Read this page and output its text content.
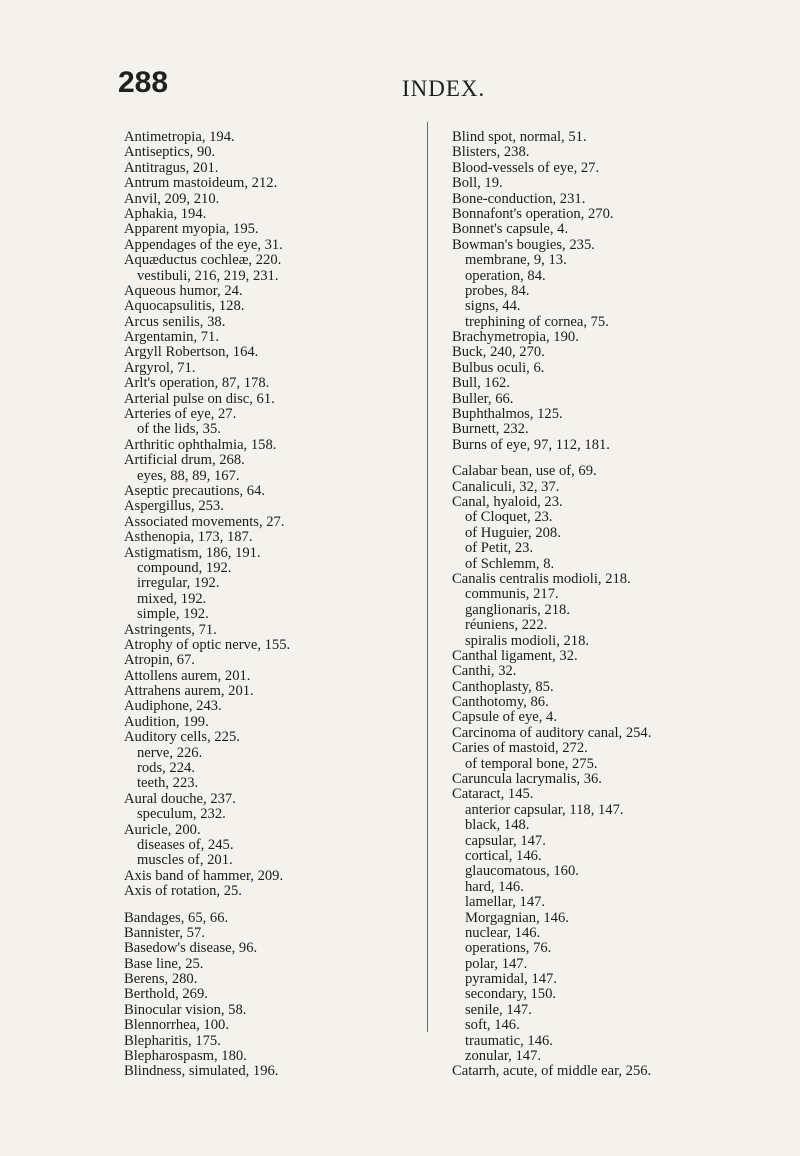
288	INDEX.
Antimetropia, 194.
Antiseptics, 90.
Antitragus, 201.
Antrum mastoideum, 212.
Anvil, 209, 210.
Aphakia, 194.
Apparent myopia, 195.
Appendages of the eye, 31.
Aquæductus cochleæ, 220.
vestibuli, 216, 219, 231.
Aqueous humor, 24.
Aquocapsulitis, 128.
Arcus senilis, 38.
Argentamin, 71.
Argyll Robertson, 164.
Argyrol, 71.
Arlt's operation, 87, 178.
Arterial pulse on disc, 61.
Arteries of eye, 27.
of the lids, 35.
Arthritic ophthalmia, 158.
Artificial drum, 268.
eyes, 88, 89, 167.
Aseptic precautions, 64.
Aspergillus, 253.
Associated movements, 27.
Asthenopia, 173, 187.
Astigmatism, 186, 191.
compound, 192.
irregular, 192.
mixed, 192.
simple, 192.
Astringents, 71.
Atrophy of optic nerve, 155.
Atropin, 67.
Attollens aurem, 201.
Attrahens aurem, 201.
Audiphone, 243.
Audition, 199.
Auditory cells, 225.
nerve, 226.
rods, 224.
teeth, 223.
Aural douche, 237.
speculum, 232.
Auricle, 200.
diseases of, 245.
muscles of, 201.
Axis band of hammer, 209.
Axis of rotation, 25.
Bandages, 65, 66.
Bannister, 57.
Basedow's disease, 96.
Base line, 25.
Berens, 280.
Berthold, 269.
Binocular vision, 58.
Blennorrhea, 100.
Blepharitis, 175.
Blepharospasm, 180.
Blindness, simulated, 196.
Blind spot, normal, 51.
Blisters, 238.
Blood-vessels of eye, 27.
Boll, 19.
Bone-conduction, 231.
Bonnafont's operation, 270.
Bonnet's capsule, 4.
Bowman's bougies, 235.
membrane, 9, 13.
operation, 84.
probes, 84.
signs, 44.
trephining of cornea, 75.
Brachymetropia, 190.
Buck, 240, 270.
Bulbus oculi, 6.
Bull, 162.
Buller, 66.
Buphthalmos, 125.
Burnett, 232.
Burns of eye, 97, 112, 181.
Calabar bean, use of, 69.
Canaliculi, 32, 37.
Canal, hyaloid, 23.
of Cloquet, 23.
of Huguier, 208.
of Petit, 23.
of Schlemm, 8.
Canalis centralis modioli, 218.
communis, 217.
ganglionaris, 218.
réuniens, 222.
spiralis modioli, 218.
Canthal ligament, 32.
Canthi, 32.
Canthoplasty, 85.
Canthotomy, 86.
Capsule of eye, 4.
Carcinoma of auditory canal, 254.
Caries of mastoid, 272.
of temporal bone, 275.
Caruncula lacrymalis, 36.
Cataract, 145.
anterior capsular, 118, 147.
black, 148.
capsular, 147.
cortical, 146.
glaucomatous, 160.
hard, 146.
lamellar, 147.
Morgagnian, 146.
nuclear, 146.
operations, 76.
polar, 147.
pyramidal, 147.
secondary, 150.
senile, 147.
soft, 146.
traumatic, 146.
zonular, 147.
Catarrh, acute, of middle ear, 256.
